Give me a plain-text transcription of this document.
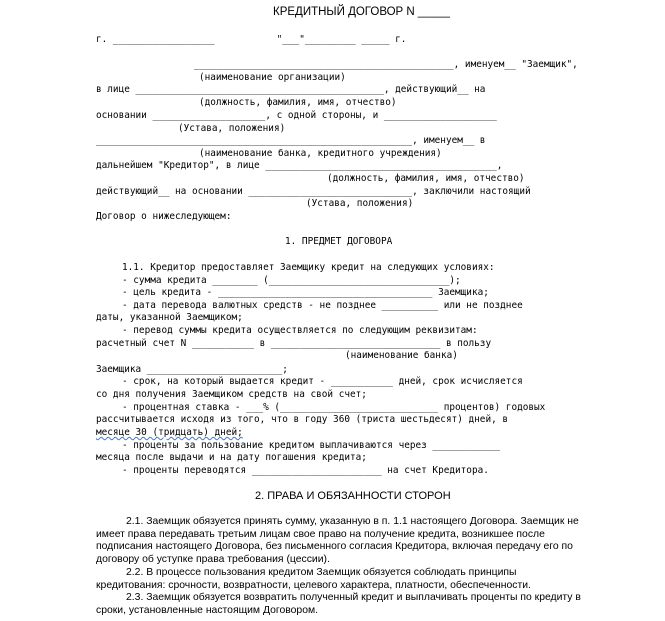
КРЕДИТНЫЙ ДОГОВОР N _____
г. __________________           "___"_________ _____ г.
______________________________________________, именуем__ "Заемщик",
(наименование организации)
в лице ____________________________________________, действующий__ на
(должность, фамилия, имя, отчество)
основании ____________________, с одной стороны, и ____________________
(Устава, положения)
________________________________________________________, именуем__ в
(наименование банка, кредитного учреждения)
дальнейшем "Кредитор", в лице _________________________________________,
(должность, фамилия, имя, отчество)
действующий__ на основании _____________________________, заключили настоящий
(Устава, положения)
Договор о нижеследующем:
1. ПРЕДМЕТ ДОГОВОРА
1.1. Кредитор предоставляет Заемщику кредит на следующих условиях:
- сумма кредита ________ (________________________________);
- цель кредита - ______________________________________ Заемщика;
- дата перевода валютных средств - не позднее __________ или не позднее
даты, указанной Заемщиком;
- перевод суммы кредита осуществляется по следующим реквизитам:
расчетный счет N ___________ в ______________________________ в пользу
(наименование банка)
Заемщика ________________________;
- срок, на который выдается кредит - ___________ дней, срок исчисляется
со дня получения Заемщиком средств на свой счет;
- процентная ставка - ___% (____________________________ процентов) годовых
рассчитывается исходя из того, что в году 360 (триста шестьдесят) дней, в
месяце 30 (тридцать) дней;
- проценты за пользование кредитом выплачиваются через ____________
месяца после выдачи и на дату погашения кредита;
- проценты переводятся _______________________ на счет Кредитора.
2. ПРАВА И ОБЯЗАННОСТИ СТОРОН
2.1. Заемщик обязуется принять сумму, указанную в п. 1.1 настоящего Договора. Заемщик не
имеет права передавать третьим лицам свое право на получение кредита, возникшее после
подписания настоящего Договора, без письменного согласия Кредитора, включая передачу его по
договору об уступке права требования (цессии).
2.2. В процессе пользования кредитом Заемщик обязуется соблюдать принципы
кредитования: срочности, возвратности, целевого характера, платности, обеспеченности.
2.3. Заемщик обязуется возвратить полученный кредит и выплачивать проценты по кредиту в
сроки, установленные настоящим Договором.
